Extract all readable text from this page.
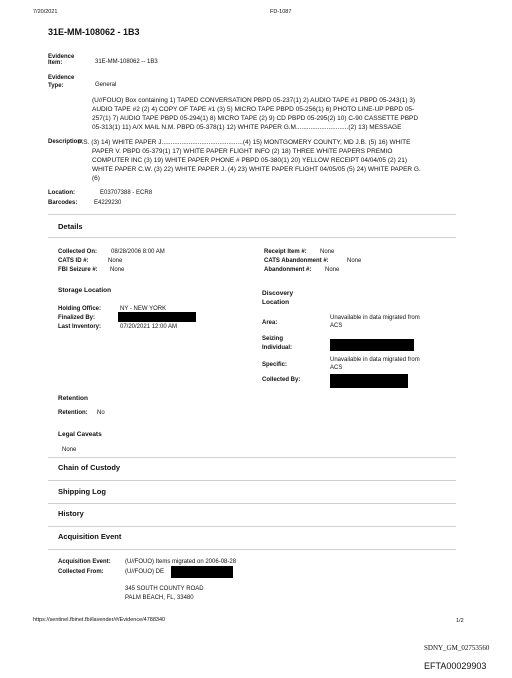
7/20/2021	FD-1087
31E-MM-108062 - 1B3
Evidence
Item:	31E-MM-108062 -- 1B3
Evidence
Type:	General
Description:
(U//FOUO) Box containing 1) TAPED CONVERSATION PBPD 05-237(1) 2) AUDIO TAPE #1 PBPD 05-243(1) 3)
AUDIO TAPE #2 (2) 4) COPY OF TAPE #1 (3) 5) MICRO TAPE PBPD 05-256(1) 6) PHOTO LINE-UP PBPD 05-
257(1) 7) AUDIO TAPE PBPD 05-294(1) 8) MICRO TAPE (2) 9) CD PBPD 05-295(2) 10) C-90 CASSETTE PBPD
05-313(1) 11) A/X MAIL N.M. PBPD 05-378(1) 12) WHITE PAPER G.M.............................(2) 13) MESSAGE
P.S. (3) 14) WHITE PAPER J.............................................(4) 15) MONTGOMERY COUNTY, MD J.B. (5) 16) WHITE
PAPER V. PBPD 05-379(1) 17) WHITE PAPER FLIGHT INFO (2) 18) THREE WHITE PAPERS PREMIO
COMPUTER INC (3) 19) WHITE PAPER PHONE # PBPD 05-380(1) 20) YELLOW RECEIPT 04/04/05 (2) 21)
WHITE PAPER C.W. (3) 22) WHITE PAPER J. (4) 23) WHITE PAPER FLIGHT 04/05/05 (5) 24) WHITE PAPER G.
(6)
Location:	E03707388 - ECR8
Barcodes:	E4229230
Details
Collected On: 08/28/2006 8:00 AM
CATS ID #:	None
FBI Seizure #: None
Receipt Item #: None
CATS Abandonment #:	None
Abandonment #: None
Storage Location
Holding Office:	NY - NEW YORK
Finalized By:
Last Inventory:	07/20/2021 12:00 AM
Discovery
Location
Area:
Unavailable in data migrated from
ACS
Seizing
Individual:
Specific:
Unavailable in data migrated from
ACS
Collected By:
Retention
Retention: No
Legal Caveats
None
Chain of Custody
Shipping Log
History
Acquisition Event
Acquisition Event: (U//FOUO) Items migrated on 2006-08-28
Collected From:	(U//FOUO) DE
345 SOUTH COUNTY ROAD
PALM BEACH, FL, 33480
https://sentinel.fbinet.fbi/lavender/#/Evidence/4788340	1/2
SDNY_GM_02753560
EFTA00029903
